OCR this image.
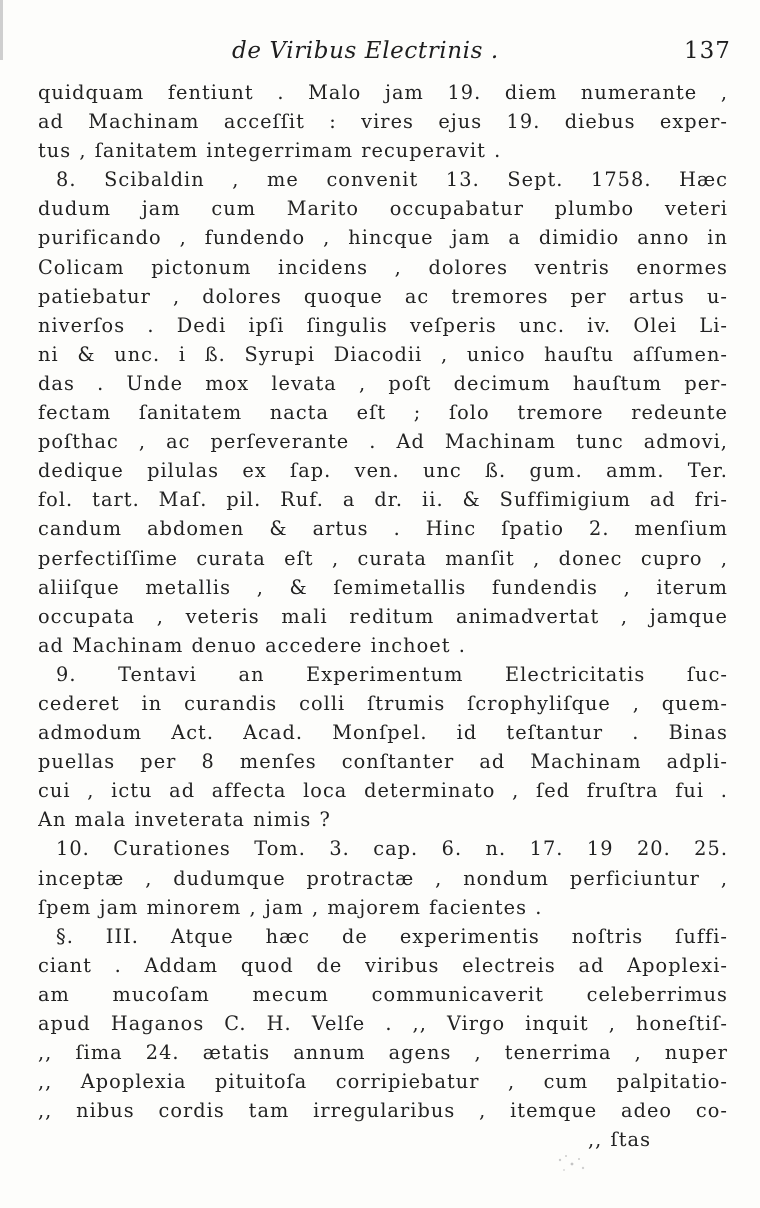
de Viribus Electrinis .	137
quidquam fentiunt . Malo jam 19. diem numerante ,
ad Machinam acceſſit : vires ejus 19. diebus exper-
tus , ſanitatem integerrimam recuperavit .
8. Scibaldin , me convenit 13. Sept. 1758. Hæc
dudum jam cum Marito occupabatur plumbo veteri
purificando , fundendo , hincque jam a dimidio anno in
Colicam pictonum incidens , dolores ventris enormes
patiebatur , dolores quoque ac tremores per artus u-
niverſos . Dedi ipſi ſingulis veſperis unc. iv. Olei Li-
ni & unc. i ß. Syrupi Diacodii , unico hauſtu aſſumen-
das . Unde mox levata , poſt decimum hauſtum per-
fectam ſanitatem nacta eſt ; ſolo tremore redeunte
poſthac , ac perſeverante . Ad Machinam tunc admovi,
dedique pilulas ex ſap. ven. unc ß. gum. amm. Ter.
fol. tart. Maſ. pil. Ruf. a dr. ii. & Suffimigium ad fri-
candum abdomen & artus . Hinc ſpatio 2. menſium
perfectiſſime curata eſt , curata manſit , donec cupro ,
aliiſque metallis , & ſemimetallis fundendis , iterum
occupata , veteris mali reditum animadvertat , jamque
ad Machinam denuo accedere inchoet .
9. Tentavi an Experimentum Electricitatis ſuc-
cederet in curandis colli ſtrumis ſcrophyliſque , quem-
admodum Act. Acad. Monſpel. id teſtantur . Binas
puellas per 8 menſes conſtanter ad Machinam adpli-
cui , ictu ad affecta loca determinato , ſed fruſtra fui .
An mala inveterata nimis ?
10. Curationes Tom. 3. cap. 6. n. 17. 19 20. 25.
inceptæ , dudumque protractæ , nondum perficiuntur ,
ſpem jam minorem , jam , majorem facientes .
§. III. Atque hæc de experimentis noſtris ſuffi-
ciant . Addam quod de viribus electreis ad Apoplexi-
am mucoſam mecum communicaverit celeberrimus
apud Haganos C. H. Velſe . ,, Virgo inquit , honeſtiſ-
,, ſima 24. ætatis annum agens , tenerrima , nuper
,, Apoplexia pituitoſa corripiebatur , cum palpitatio-
,, nibus cordis tam irregularibus , itemque adeo co-
,, ſtas
